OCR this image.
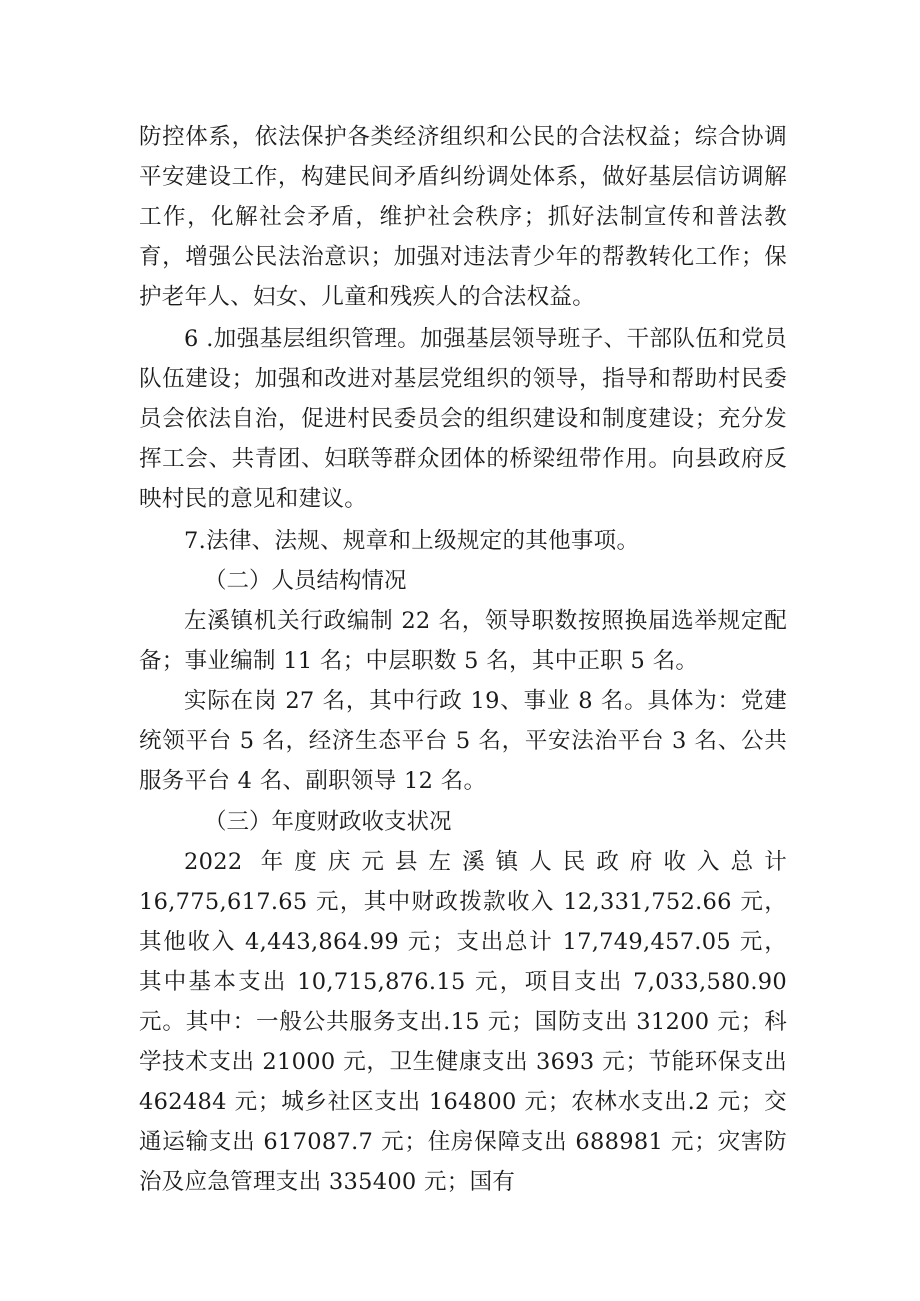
防控体系，依法保护各类经济组织和公民的合法权益；综合协调平安建设工作，构建民间矛盾纠纷调处体系，做好基层信访调解工作，化解社会矛盾，维护社会秩序；抓好法制宣传和普法教育，增强公民法治意识；加强对违法青少年的帮教转化工作；保护老年人、妇女、儿童和残疾人的合法权益。

6 .加强基层组织管理。加强基层领导班子、干部队伍和党员队伍建设；加强和改进对基层党组织的领导，指导和帮助村民委员会依法自治，促进村民委员会的组织建设和制度建设；充分发挥工会、共青团、妇联等群众团体的桥梁纽带作用。向县政府反映村民的意见和建议。

7.法律、法规、规章和上级规定的其他事项。

（二）人员结构情况

左溪镇机关行政编制 22 名，领导职数按照换届选举规定配备；事业编制 11 名；中层职数 5 名，其中正职 5 名。

实际在岗 27 名，其中行政 19、事业 8 名。具体为：党建统领平台 5 名，经济生态平台 5 名，平安法治平台 3 名、公共服务平台 4 名、副职领导 12 名。

（三）年度财政收支状况

2022 年度庆元县左溪镇人民政府收入总计 16,775,617.65 元，其中财政拨款收入 12,331,752.66 元，其他收入 4,443,864.99 元；支出总计 17,749,457.05 元，其中基本支出 10,715,876.15 元，项目支出 7,033,580.90 元。其中：一般公共服务支出.15 元；国防支出 31200 元；科学技术支出 21000 元，卫生健康支出 3693 元；节能环保支出 462484 元；城乡社区支出 164800 元；农林水支出.2 元；交通运输支出 617087.7 元；住房保障支出 688981 元；灾害防治及应急管理支出 335400 元；国有
